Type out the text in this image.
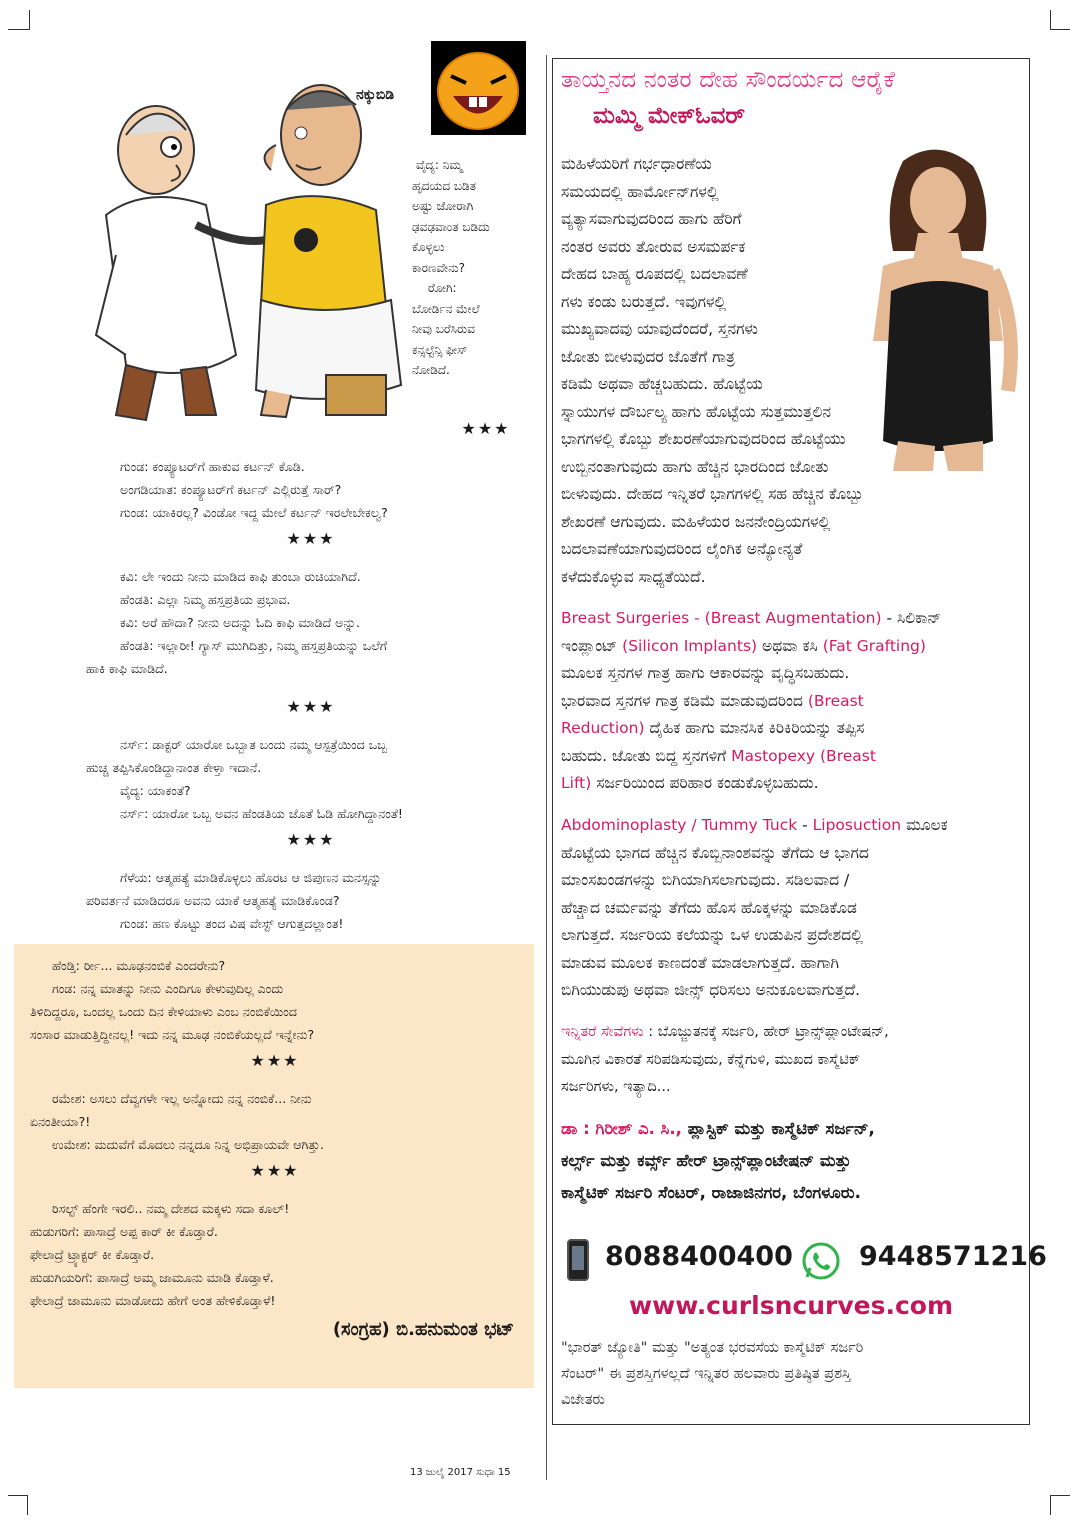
ನಕ್ಕುಬಿಡಿ
ವೈದ್ಯ: ನಿಮ್ಮ
ಹೃದಯದ ಬಡಿತ
ಅಷ್ಟು ಜೋರಾಗಿ
ಢವಢವಾಂತ ಬಡಿದು
ಕೊಳ್ಳಲು
ಕಾರಣವೇನು?
ರೋಗಿ:
ಬೋರ್ಡಿನ ಮೇಲೆ
ನೀವು ಬರೆಸಿರುವ
ಕನ್ಸಲ್ಟೆನ್ಸಿ ಫೀಸ್
ನೋಡಿದೆ.
★★★

ಗುಂಡ: ಕಂಪ್ಯೂಟರ್‌ಗೆ ಹಾಕುವ ಕರ್ಟನ್ ಕೊಡಿ.

ಅಂಗಡಿಯಾತ: ಕಂಪ್ಯೂಟರ್‌ಗೆ ಕರ್ಟನ್ ಎಲ್ಲಿರುತ್ತೆ ಸಾರ್?

ಗುಂಡ: ಯಾಕಿರಲ್ಲ? ವಿಂಡೋ ಇದ್ದ ಮೇಲೆ ಕರ್ಟನ್ ಇರಲೇಬೇಕಲ್ವ?

★★★

ಕವಿ: ಲೇ ಇಂದು ನೀನು ಮಾಡಿದ ಕಾಫಿ ತುಂಬಾ ರುಚಿಯಾಗಿದೆ.

ಹೆಂಡತಿ: ಎಲ್ಲಾ ನಿಮ್ಮ ಹಸ್ತಪ್ರತಿಯ ಪ್ರಭಾವ.

ಕವಿ: ಅರೆ ಹೌದಾ? ನೀನು ಅದನ್ನು ಓದಿ ಕಾಫಿ ಮಾಡಿದೆ ಅನ್ನು.

ಹೆಂಡತಿ: ಇಲ್ಲಾರೀ! ಗ್ಯಾಸ್ ಮುಗಿದಿತ್ತು, ನಿಮ್ಮ ಹಸ್ತಪ್ರತಿಯನ್ನು ಒಲೆಗೆ

ಹಾಕಿ ಕಾಫಿ ಮಾಡಿದೆ.

★★★

ನರ್ಸ್: ಡಾಕ್ಟರ್ ಯಾರೋ ಒಬ್ಬಾತ ಬಂದು ನಮ್ಮ ಆಸ್ಪತ್ರೆಯಿಂದ ಒಬ್ಬ

ಹುಚ್ಚ ತಪ್ಪಿಸಿಕೊಂಡಿದ್ದಾನಾಂತ ಕೇಳ್ತಾ ಇದಾನೆ.

ವೈದ್ಯ: ಯಾಕಂತೆ?

ನರ್ಸ್: ಯಾರೋ ಒಬ್ಬ ಅವನ ಹೆಂಡತಿಯ ಜೊತೆ ಓಡಿ ಹೋಗಿದ್ದಾನಂತೆ!

★★★

ಗೆಳೆಯ: ಆತ್ಮಹತ್ಯೆ ಮಾಡಿಕೊಳ್ಳಲು ಹೊರಟ ಆ ಜಿಪುಣನ ಮನಸ್ಸನ್ನು

ಪರಿವರ್ತನೆ ಮಾಡಿದರೂ ಅವನು ಯಾಕೆ ಆತ್ಮಹತ್ಯೆ ಮಾಡಿಕೊಂಡ?

ಗುಂಡ: ಹಣ ಕೊಟ್ಟು ತಂದ ವಿಷ ವೇಸ್ಟ್ ಆಗುತ್ತದಲ್ಲಾಂತ!

ಹೆಂಡ್ತಿ: ರ್ರೀ... ಮೂಢನಂಬಿಕೆ ಎಂದರೇನು?

ಗಂಡ: ನನ್ನ ಮಾತನ್ನು ನೀನು ಎಂದಿಗೂ ಕೇಳುವುದಿಲ್ಲ ಎಂದು

ತಿಳಿದಿದ್ದರೂ, ಒಂದಲ್ಲ ಒಂದು ದಿನ ಕೇಳಿಯಾಳು ಎಂಬ ನಂಬಿಕೆಯಿಂದ

ಸಂಸಾರ ಮಾಡುತ್ತಿದ್ದೀನಲ್ಲ! ಇದು ನನ್ನ ಮೂಢ ನಂಬಿಕೆಯಲ್ಲದೆ ಇನ್ನೇನು?

★★★

ರಮೇಶ: ಅಸಲು ದೆವ್ವಗಳೇ ಇಲ್ಲ ಅನ್ನೋದು ನನ್ನ ನಂಬಿಕೆ... ನೀನು

ಏನಂತೀಯಾ?!

ಉಮೇಶ: ಮದುವೆಗೆ ಮೊದಲು ನನ್ನದೂ ನಿನ್ನ ಅಭಿಪ್ರಾಯವೇ ಆಗಿತ್ತು.

★★★

ರಿಸಲ್ಟ್ ಹೆಂಗೇ ಇರಲಿ.. ನಮ್ಮ ದೇಶದ ಮಕ್ಕಳು ಸದಾ ಕೂಲ್!

ಹುಡುಗರಿಗೆ: ಪಾಸಾದ್ರೆ ಅಪ್ಪ ಕಾರ್ ಕೀ ಕೊಡ್ತಾರೆ.

ಫೇಲಾದ್ರೆ ಟ್ರ್ಯಾಕ್ಟರ್ ಕೀ ಕೊಡ್ತಾರೆ.

ಹುಡುಗಿಯರಿಗೆ: ಪಾಸಾದ್ರೆ ಅಮ್ಮ ಜಾಮೂನು ಮಾಡಿ ಕೊಡ್ತಾಳೆ.

ಫೇಲಾದ್ರೆ ಜಾಮೂನು ಮಾಡೋದು ಹೇಗೆ ಅಂತ ಹೇಳಿಕೊಡ್ತಾಳೆ!

(ಸಂಗ್ರಹ) ಬಿ.ಹನುಮಂತ ಭಟ್
13 ಜುಲೈ 2017 ಸುಧಾ 15
ತಾಯ್ತನದ ನಂತರ ದೇಹ ಸೌಂದರ್ಯದ ಆರೈಕೆ
ಮಮ್ಮಿ ಮೇಕ್‌ಓವರ್

ಮಹಿಳೆಯರಿಗೆ ಗರ್ಭಧಾರಣೆಯ

ಸಮಯದಲ್ಲಿ ಹಾರ್ಮೋನ್‌ಗಳಲ್ಲಿ

ವ್ಯತ್ಯಾಸವಾಗುವುದರಿಂದ ಹಾಗು ಹೆರಿಗೆ

ನಂತರ ಅವರು ತೋರುವ ಅಸಮರ್ಪಕ

ದೇಹದ ಬಾಹ್ಯ ರೂಪದಲ್ಲಿ ಬದಲಾವಣೆ

ಗಳು ಕಂಡು ಬರುತ್ತದೆ. ಇವುಗಳಲ್ಲಿ

ಮುಖ್ಯವಾದವು ಯಾವುದೆಂದರೆ, ಸ್ತನಗಳು

ಜೋತು ಬೀಳುವುದರ ಜೊತೆಗೆ ಗಾತ್ರ

ಕಡಿಮೆ ಅಥವಾ ಹೆಚ್ಚಬಹುದು. ಹೊಟ್ಟೆಯ

ಸ್ನಾಯುಗಳ ದೌರ್ಬಲ್ಯ ಹಾಗು ಹೊಟ್ಟೆಯ ಸುತ್ತಮುತ್ತಲಿನ

ಭಾಗಗಳಲ್ಲಿ ಕೊಬ್ಬು ಶೇಖರಣೆಯಾಗುವುದರಿಂದ ಹೊಟ್ಟೆಯು

ಉಬ್ಬಿನಂತಾಗುವುದು ಹಾಗು ಹೆಚ್ಚಿನ ಭಾರದಿಂದ ಜೋತು

ಬೀಳುವುದು. ದೇಹದ ಇನ್ನಿತರೆ ಭಾಗಗಳಲ್ಲಿ ಸಹ ಹೆಚ್ಚಿನ ಕೊಬ್ಬು

ಶೇಖರಣೆ ಆಗುವುದು. ಮಹಿಳೆಯರ ಜನನೇಂದ್ರಿಯಗಳಲ್ಲಿ

ಬದಲಾವಣೆಯಾಗುವುದರಿಂದ ಲೈಂಗಿಕ ಅನ್ಯೋನ್ಯತೆ

ಕಳೆದುಕೊಳ್ಳುವ ಸಾಧ್ಯತೆಯಿದೆ.

Breast Surgeries - (Breast Augmentation) - ಸಿಲಿಕಾನ್

ಇಂಪ್ಲಾಂಟ್ (Silicon Implants) ಅಥವಾ ಕಸಿ (Fat Grafting)

ಮೂಲಕ ಸ್ತನಗಳ ಗಾತ್ರ ಹಾಗು ಆಕಾರವನ್ನು ವೃದ್ಧಿಸಬಹುದು.

ಭಾರವಾದ ಸ್ತನಗಳ ಗಾತ್ರ ಕಡಿಮೆ ಮಾಡುವುದರಿಂದ (Breast

Reduction) ದೈಹಿಕ ಹಾಗು ಮಾನಸಿಕ ಕಿರಿಕಿರಿಯನ್ನು ತಪ್ಪಿಸ

ಬಹುದು. ಜೋತು ಬಿದ್ದ ಸ್ತನಗಳಿಗೆ Mastopexy (Breast

Lift) ಸರ್ಜರಿಯಿಂದ ಪರಿಹಾರ ಕಂಡುಕೊಳ್ಳಬಹುದು.

Abdominoplasty / Tummy Tuck - Liposuction ಮೂಲಕ

ಹೊಟ್ಟೆಯ ಭಾಗದ ಹೆಚ್ಚಿನ ಕೊಬ್ಬಿನಾಂಶವನ್ನು ತೆಗೆದು ಆ ಭಾಗದ

ಮಾಂಸಖಂಡಗಳನ್ನು ಬಿಗಿಯಾಗಿಸಲಾಗುವುದು. ಸಡಿಲವಾದ /

ಹೆಚ್ಚಾದ ಚರ್ಮವನ್ನು ತೆಗೆದು ಹೊಸ ಹೊಕ್ಕಳನ್ನು ಮಾಡಿಕೊಡ

ಲಾಗುತ್ತದೆ. ಸರ್ಜರಿಯ ಕಲೆಯನ್ನು ಒಳ ಉಡುಪಿನ ಪ್ರದೇಶದಲ್ಲಿ

ಮಾಡುವ ಮೂಲಕ ಕಾಣದಂತೆ ಮಾಡಲಾಗುತ್ತದೆ. ಹಾಗಾಗಿ

ಬಿಗಿಯುಡುಪು ಅಥವಾ ಜೀನ್ಸ್ ಧರಿಸಲು ಅನುಕೂಲವಾಗುತ್ತದೆ.

ಇನ್ನಿತರೆ ಸೇವೆಗಳು : ಬೊಜ್ಜುತನಕ್ಕೆ ಸರ್ಜರಿ, ಹೇರ್ ಟ್ರಾನ್ಸ್‌ಪ್ಲಾಂಟೇಷನ್,

ಮೂಗಿನ ವಿಕಾರತೆ ಸರಿಪಡಿಸುವುದು, ಕೆನ್ನೆಗುಳಿ, ಮುಖದ ಕಾಸ್ಮೆಟಿಕ್

ಸರ್ಜರಿಗಳು, ಇತ್ಯಾದಿ...

ಡಾ : ಗಿರೀಶ್ ಎ. ಸಿ., ಪ್ಲಾಸ್ಟಿಕ್ ಮತ್ತು ಕಾಸ್ಮೆಟಿಕ್ ಸರ್ಜನ್,

ಕರ್ಲ್ಸ್ ಮತ್ತು ಕರ್ವ್ಸ್ ಹೇರ್ ಟ್ರಾನ್ಸ್‌ಪ್ಲಾಂಟೇಷನ್ ಮತ್ತು

ಕಾಸ್ಮೆಟಿಕ್ ಸರ್ಜರಿ ಸೆಂಟರ್, ರಾಜಾಜಿನಗರ, ಬೆಂಗಳೂರು.

8088400400 9448571216
www.curlsncurves.com

"ಭಾರತ್ ಜ್ಯೋತಿ" ಮತ್ತು "ಅತ್ಯಂತ ಭರವಸೆಯ ಕಾಸ್ಮೆಟಿಕ್ ಸರ್ಜರಿ

ಸೆಂಟರ್" ಈ ಪ್ರಶಸ್ತಿಗಳಲ್ಲದೆ ಇನ್ನಿತರ ಹಲವಾರು ಪ್ರತಿಷ್ಠಿತ ಪ್ರಶಸ್ತಿ

ವಿಜೇತರು
